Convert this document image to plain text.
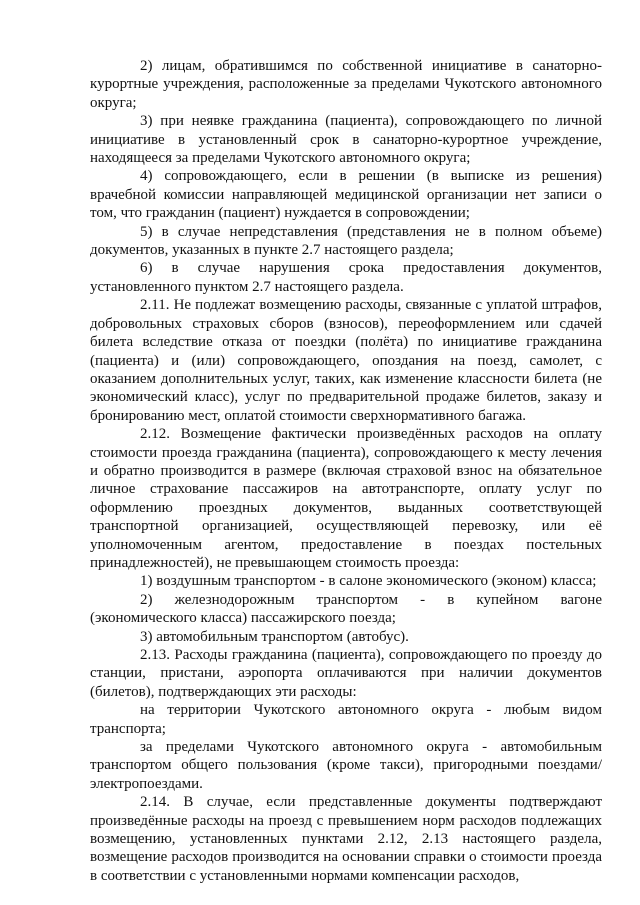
2) лицам, обратившимся по собственной инициативе в санаторно-курортные учреждения, расположенные за пределами Чукотского автономного округа;

3) при неявке гражданина (пациента), сопровождающего по личной инициативе в установленный срок в санаторно-курортное учреждение, находящееся за пределами Чукотского автономного округа;

4) сопровождающего, если в решении (в выписке из решения) врачебной комиссии направляющей медицинской организации нет записи о том, что гражданин (пациент) нуждается в сопровождении;

5) в случае непредставления (представления не в полном объеме) документов, указанных в пункте 2.7 настоящего раздела;

6) в случае нарушения срока предоставления документов, установленного пунктом 2.7 настоящего раздела.

2.11. Не подлежат возмещению расходы, связанные с уплатой штрафов, добровольных страховых сборов (взносов), переоформлением или сдачей билета вследствие отказа от поездки (полёта) по инициативе гражданина (пациента) и (или) сопровождающего, опоздания на поезд, самолет, с оказанием дополнительных услуг, таких, как изменение классности билета (не экономический класс), услуг по предварительной продаже билетов, заказу и бронированию мест, оплатой стоимости сверхнормативного багажа.

2.12. Возмещение фактически произведённых расходов на оплату стоимости проезда гражданина (пациента), сопровождающего к месту лечения и обратно производится в размере (включая страховой взнос на обязательное личное страхование пассажиров на автотранспорте, оплату услуг по оформлению проездных документов, выданных соответствующей транспортной организацией, осуществляющей перевозку, или её уполномоченным агентом, предоставление в поездах постельных принадлежностей), не превышающем стоимость проезда:

1) воздушным транспортом - в салоне экономического (эконом) класса;

2) железнодорожным транспортом - в купейном вагоне (экономического класса) пассажирского поезда;

3) автомобильным транспортом (автобус).

2.13. Расходы гражданина (пациента), сопровождающего по проезду до станции, пристани, аэропорта оплачиваются при наличии документов (билетов), подтверждающих эти расходы:

на территории Чукотского автономного округа - любым видом транспорта;

за пределами Чукотского автономного округа - автомобильным транспортом общего пользования (кроме такси), пригородными поездами/электропоездами.

2.14. В случае, если представленные документы подтверждают произведённые расходы на проезд с превышением норм расходов подлежащих возмещению, установленных пунктами 2.12, 2.13 настоящего раздела, возмещение расходов производится на основании справки о стоимости проезда в соответствии с установленными нормами компенсации расходов,
